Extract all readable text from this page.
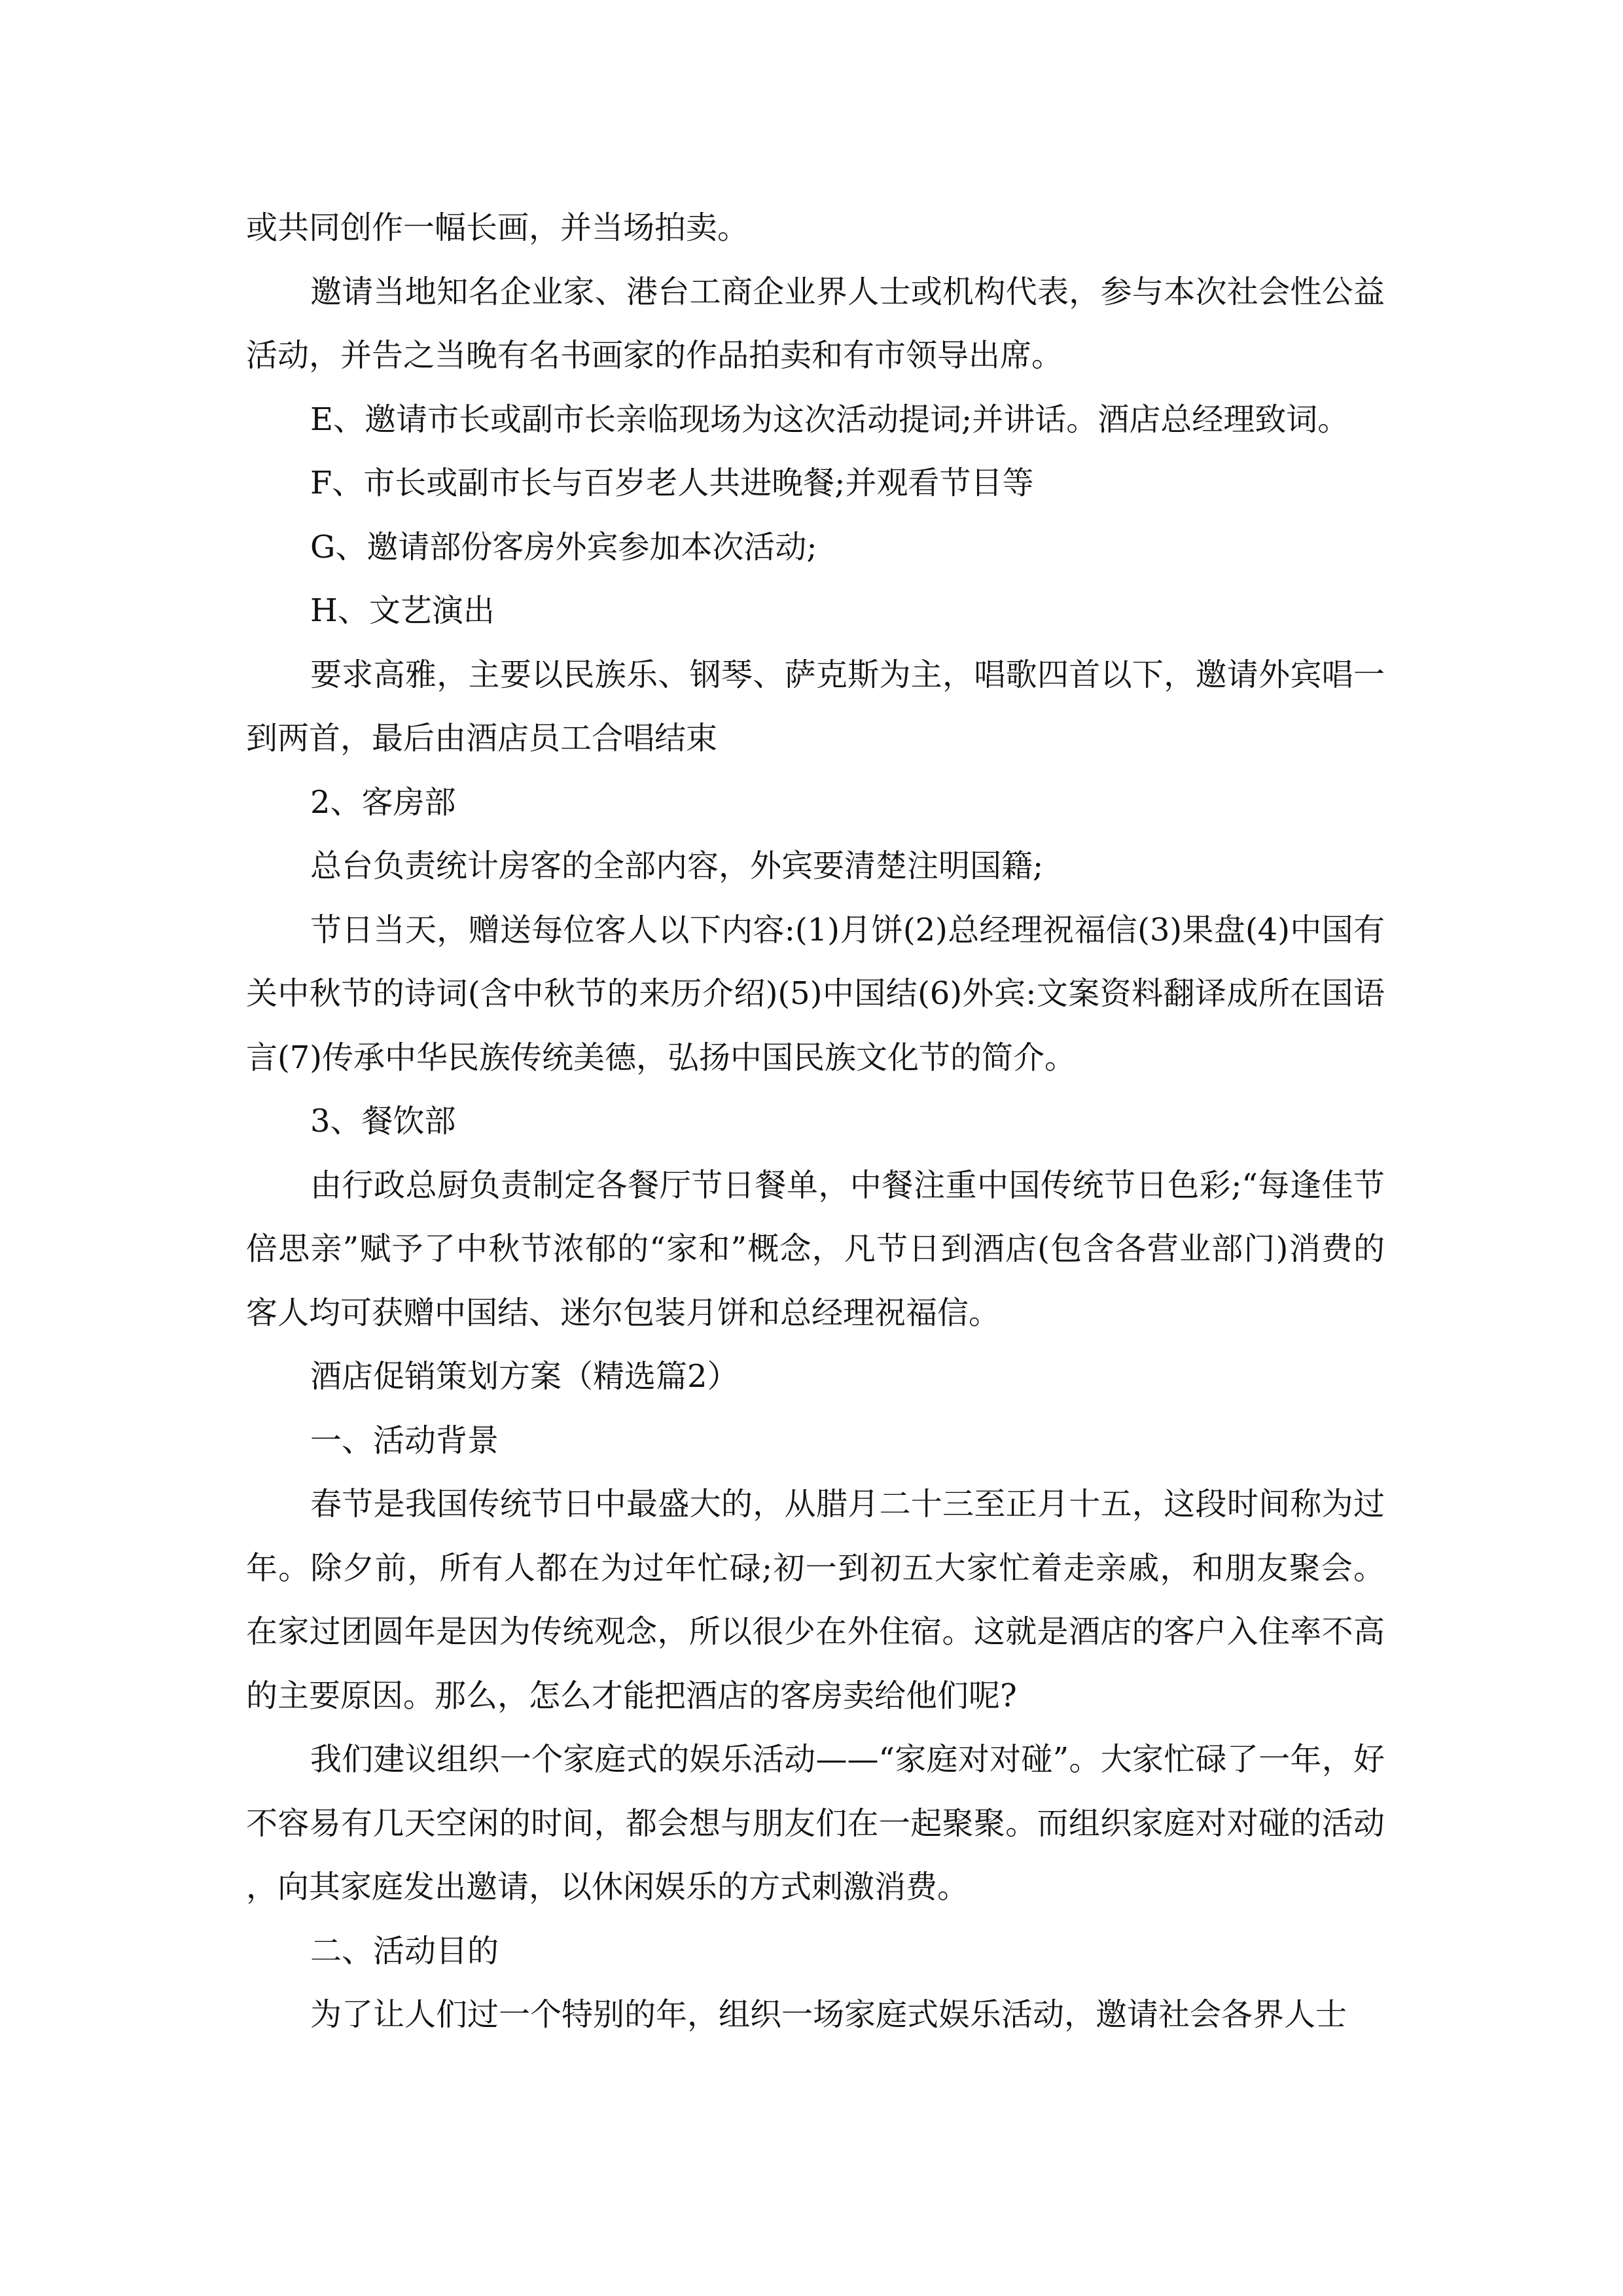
或共同创作一幅长画，并当场拍卖。

邀请当地知名企业家、港台工商企业界人士或机构代表，参与本次社会性公益活动，并告之当晚有名书画家的作品拍卖和有市领导出席。

E、邀请市长或副市长亲临现场为这次活动提词;并讲话。酒店总经理致词。

F、市长或副市长与百岁老人共进晚餐;并观看节目等

G、邀请部份客房外宾参加本次活动;

H、文艺演出

要求高雅，主要以民族乐、钢琴、萨克斯为主，唱歌四首以下，邀请外宾唱一到两首，最后由酒店员工合唱结束

2、客房部

总台负责统计房客的全部内容，外宾要清楚注明国籍;

节日当天，赠送每位客人以下内容:(1)月饼(2)总经理祝福信(3)果盘(4)中国有关中秋节的诗词(含中秋节的来历介绍)(5)中国结(6)外宾:文案资料翻译成所在国语言(7)传承中华民族传统美德，弘扬中国民族文化节的简介。

3、餐饮部

由行政总厨负责制定各餐厅节日餐单，中餐注重中国传统节日色彩;“每逢佳节倍思亲”赋予了中秋节浓郁的“家和”概念，凡节日到酒店(包含各营业部门)消费的客人均可获赠中国结、迷尔包装月饼和总经理祝福信。

酒店促销策划方案（精选篇2）

一、活动背景

春节是我国传统节日中最盛大的，从腊月二十三至正月十五，这段时间称为过年。除夕前，所有人都在为过年忙碌;初一到初五大家忙着走亲戚，和朋友聚会。在家过团圆年是因为传统观念，所以很少在外住宿。这就是酒店的客户入住率不高的主要原因。那么，怎么才能把酒店的客房卖给他们呢?

我们建议组织一个家庭式的娱乐活动——“家庭对对碰”。大家忙碌了一年，好不容易有几天空闲的时间，都会想与朋友们在一起聚聚。而组织家庭对对碰的活动，向其家庭发出邀请，以休闲娱乐的方式刺激消费。

二、活动目的

为了让人们过一个特别的年，组织一场家庭式娱乐活动，邀请社会各界人士
